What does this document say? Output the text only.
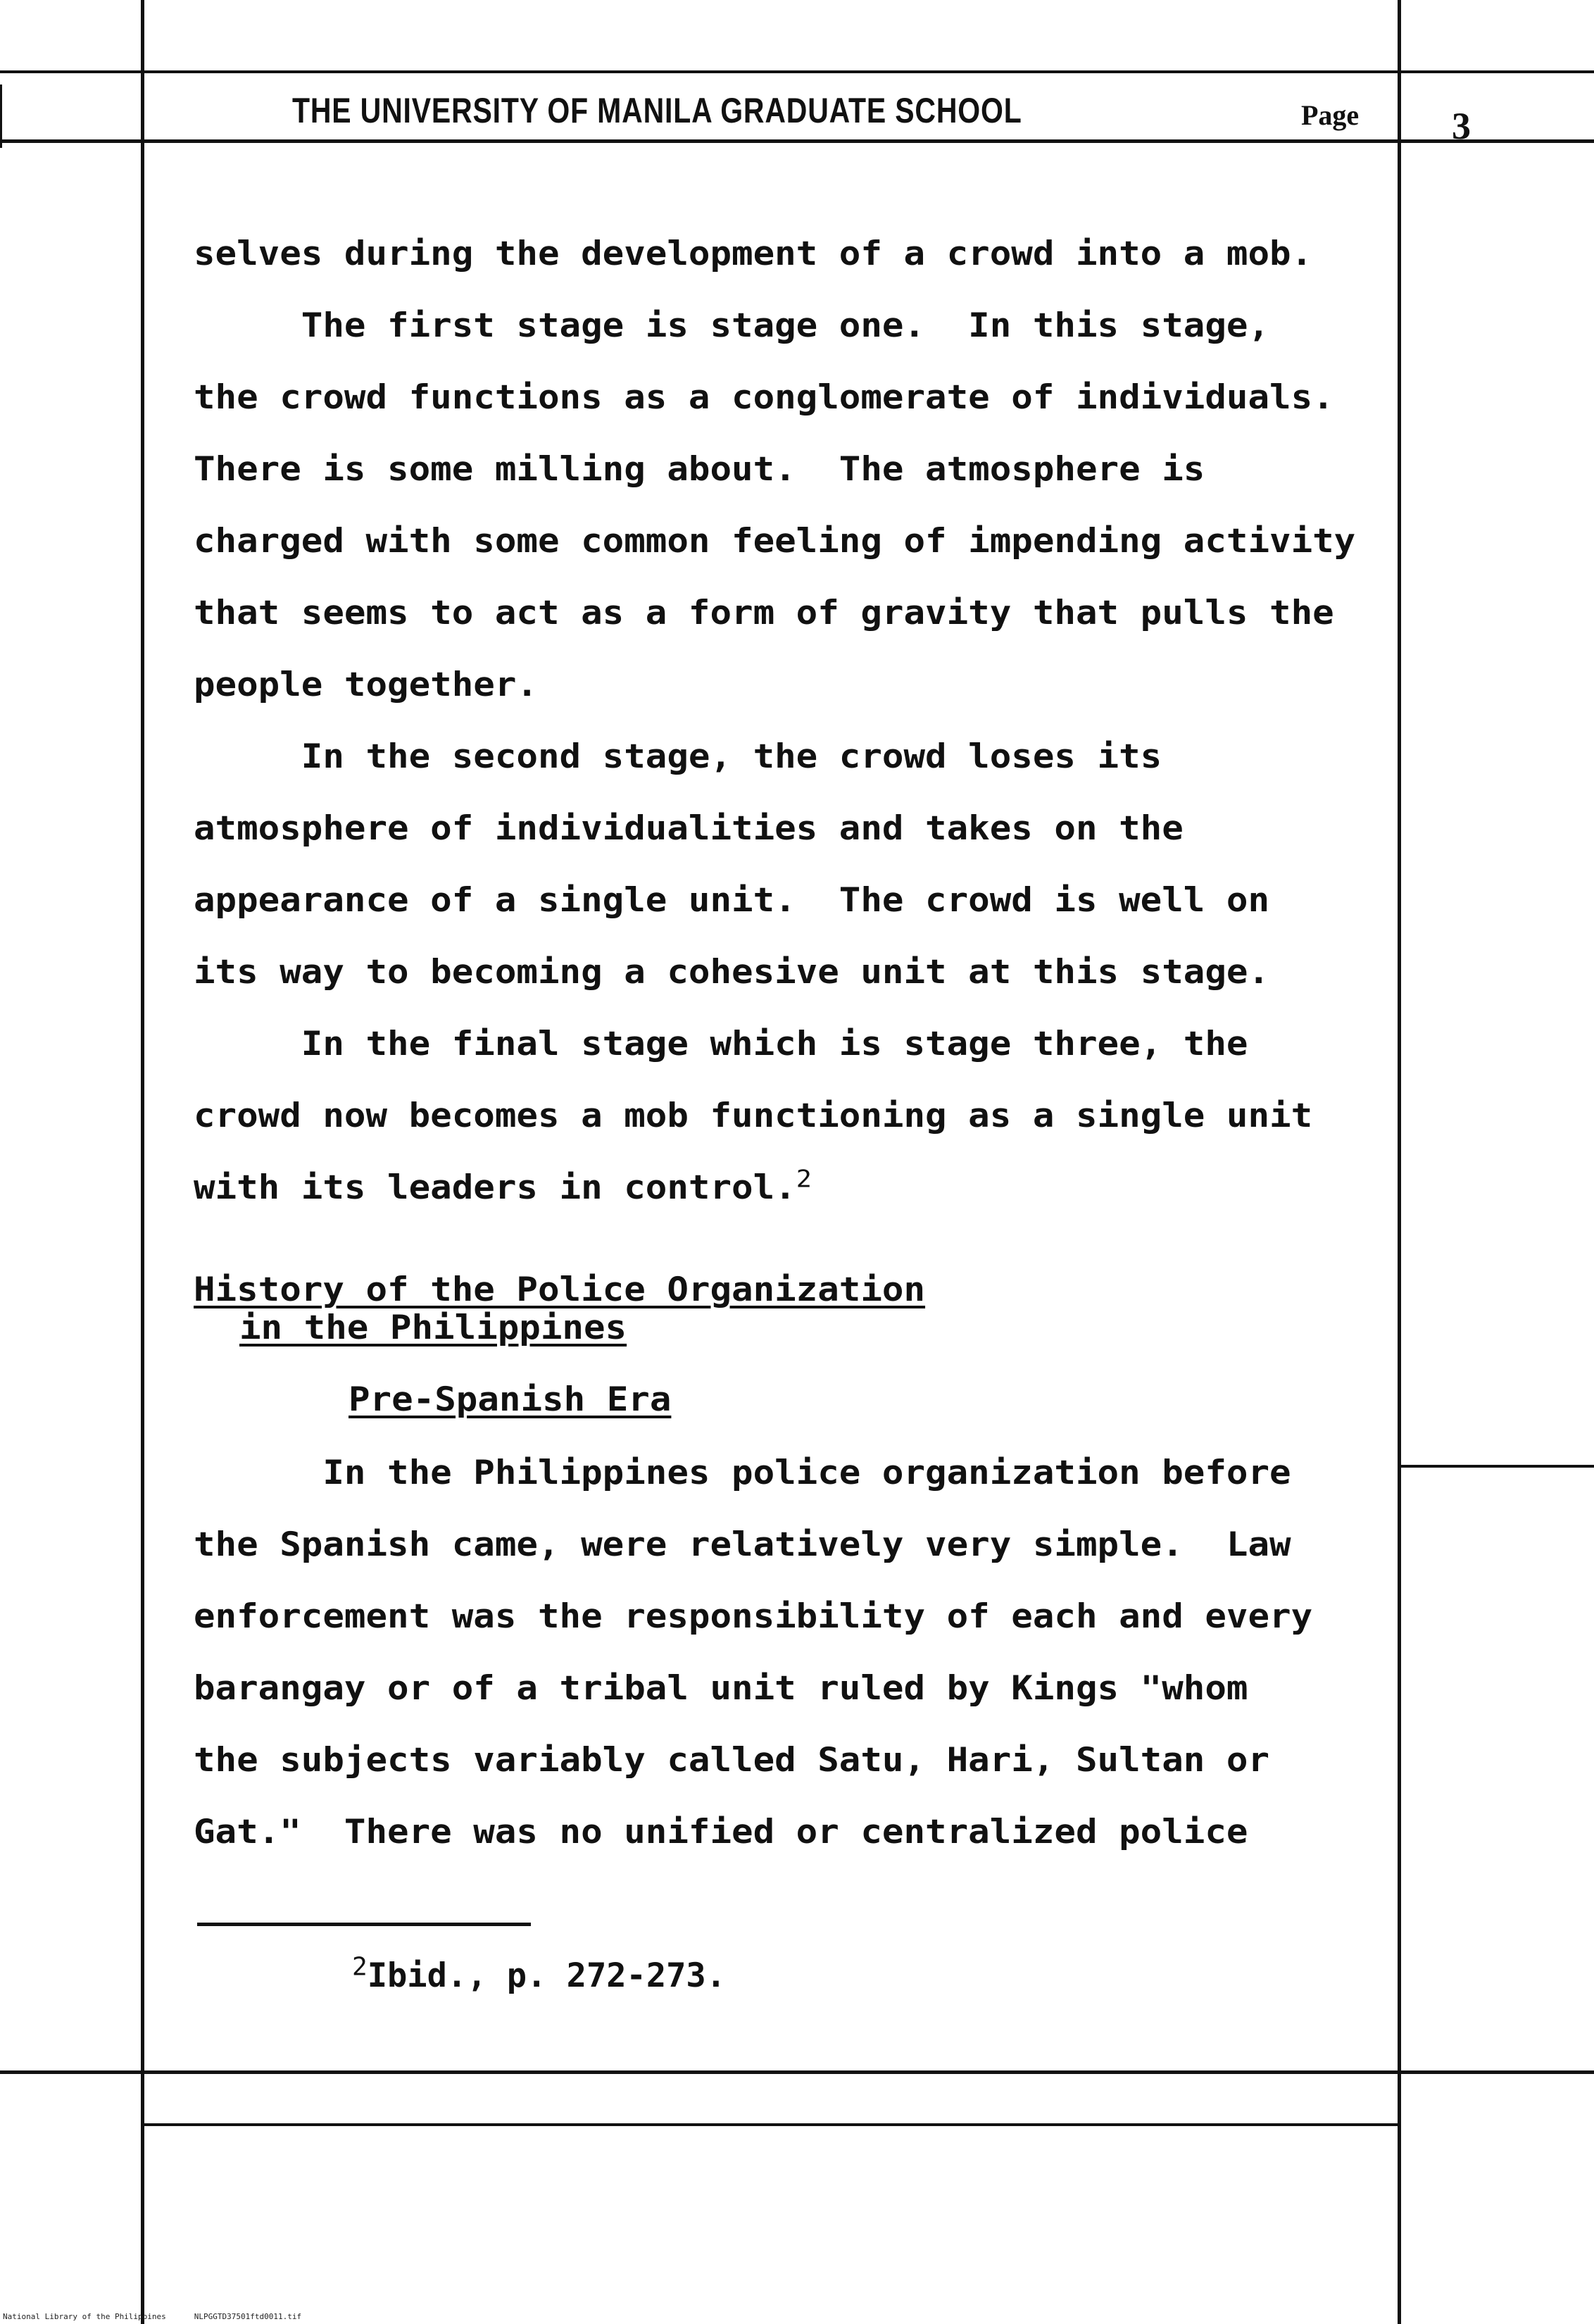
THE UNIVERSITY OF MANILA GRADUATE SCHOOL	Page 3
selves during the development of a crowd into a mob.
The first stage is stage one.  In this stage,
the crowd functions as a conglomerate of individuals.
There is some milling about.  The atmosphere is
charged with some common feeling of impending activity
that seems to act as a form of gravity that pulls the
people together.
In the second stage, the crowd loses its
atmosphere of individualities and takes on the
appearance of a single unit.  The crowd is well on
its way to becoming a cohesive unit at this stage.
In the final stage which is stage three, the
crowd now becomes a mob functioning as a single unit
with its leaders in control.$^2$
History of the Police Organization
in the Philippines
Pre-Spanish Era
In the Philippines police organization before
the Spanish came, were relatively very simple.  Law
enforcement was the responsibility of each and every
barangay or of a tribal unit ruled by Kings "whom
the subjects variably called Satu, Hari, Sultan or
Gat."  There was no unified or centralized police
$^2$Ibid., p. 272-273.
National Library of the Philippines	NLPGGTD37501ftd0011.tif
